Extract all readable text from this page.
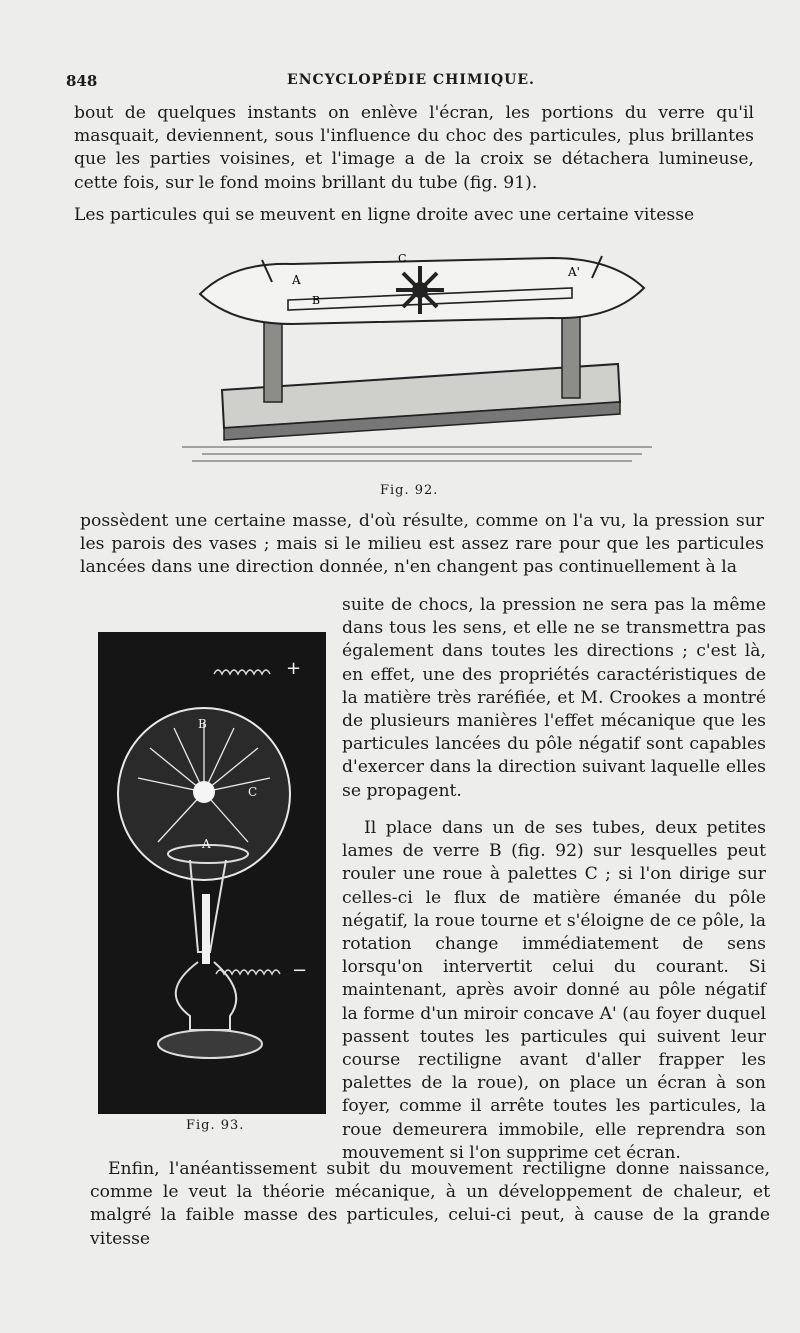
848	ENCYCLOPÉDIE CHIMIQUE.

bout de quelques instants on enlève l'écran, les portions du verre qu'il masquait, deviennent, sous l'influence du choc des particules, plus brillantes que les parties voisines, et l'image a de la croix se détachera lumineuse, cette fois, sur le fond moins brillant du tube (fig. 91).

Les particules qui se meuvent en ligne droite avec une certaine vitesse

A
A'
B
C
Fig. 92.

possèdent une certaine masse, d'où résulte, comme on l'a vu, la pression sur les parois des vases ; mais si le milieu est assez rare pour que les particules lancées dans une direction donnée, n'en changent pas continuellement à la

suite de chocs, la pression ne sera pas la même dans tous les sens, et elle ne se transmettra pas également dans toutes les directions ; c'est là, en effet, une des propriétés caractéristiques de la matière très raréfiée, et M. Crookes a montré de plusieurs manières l'effet mécanique que les particules lancées du pôle négatif sont capables d'exercer dans la direction suivant laquelle elles se propagent.

+
−
B
C
A
Fig. 93.

Il place dans un de ses tubes, deux petites lames de verre B (fig. 92) sur lesquelles peut rouler une roue à palettes C ; si l'on dirige sur celles-ci le flux de matière émanée du pôle négatif, la roue tourne et s'éloigne de ce pôle, la rotation change immédiatement de sens lorsqu'on intervertit celui du courant. Si maintenant, après avoir donné au pôle négatif la forme d'un miroir concave A' (au foyer duquel passent toutes les particules qui suivent leur course rectiligne avant d'aller frapper les palettes de la roue), on place un écran à son foyer, comme il arrête toutes les particules, la roue demeurera immobile, elle reprendra son mouvement si l'on supprime cet écran.

Enfin, l'anéantissement subit du mouvement rectiligne donne naissance, comme le veut la théorie mécanique, à un développement de chaleur, et malgré la faible masse des particules, celui-ci peut, à cause de la grande vitesse
